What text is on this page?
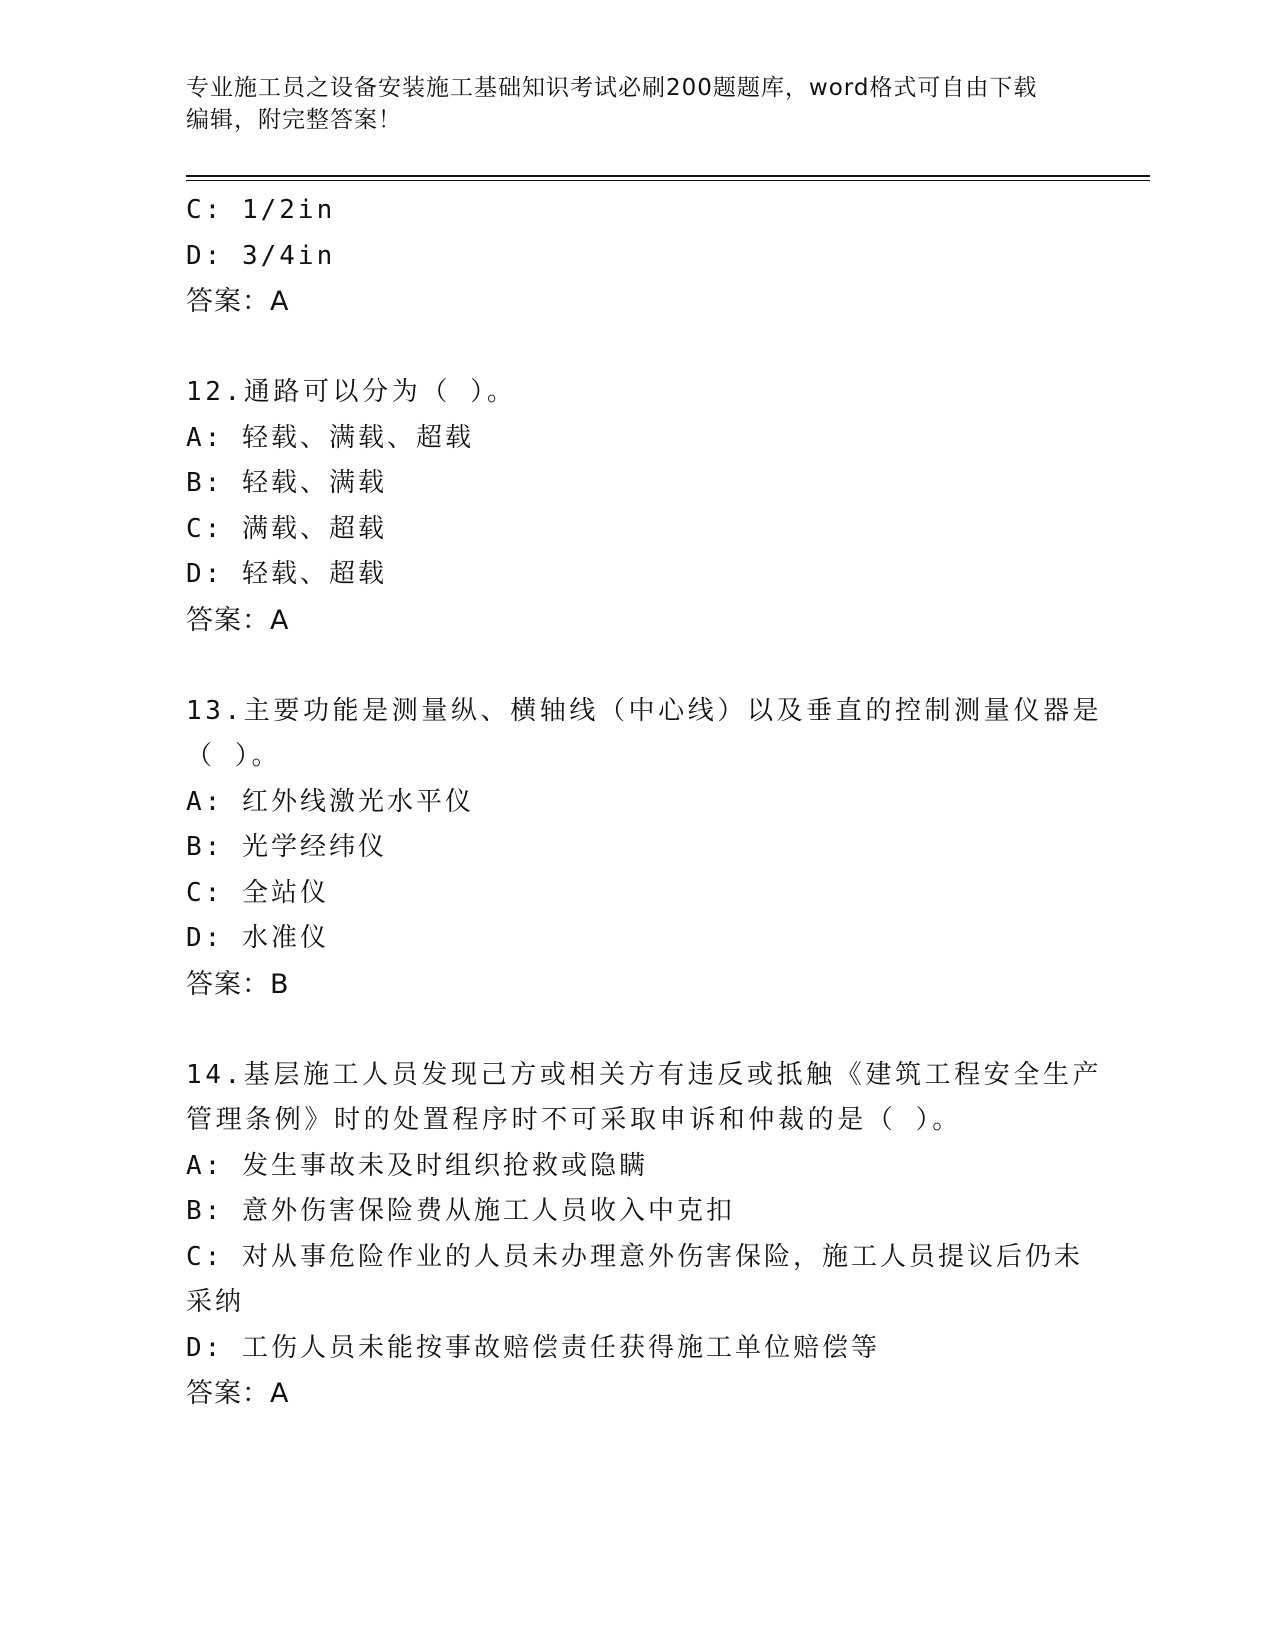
专业施工员之设备安装施工基础知识考试必刷200题题库，word格式可自由下载
编辑，附完整答案！
C: 1/2in
D: 3/4in
答案：A
12.通路可以分为（ ）。
A: 轻载、满载、超载
B: 轻载、满载
C: 满载、超载
D: 轻载、超载
答案：A
13.主要功能是测量纵、横轴线（中心线）以及垂直的控制测量仪器是
（ ）。
A: 红外线激光水平仪
B: 光学经纬仪
C: 全站仪
D: 水准仪
答案：B
14.基层施工人员发现己方或相关方有违反或抵触《建筑工程安全生产
管理条例》时的处置程序时不可采取申诉和仲裁的是（ ）。
A: 发生事故未及时组织抢救或隐瞒
B: 意外伤害保险费从施工人员收入中克扣
C: 对从事危险作业的人员未办理意外伤害保险，施工人员提议后仍未
采纳
D: 工伤人员未能按事故赔偿责任获得施工单位赔偿等
答案：A
